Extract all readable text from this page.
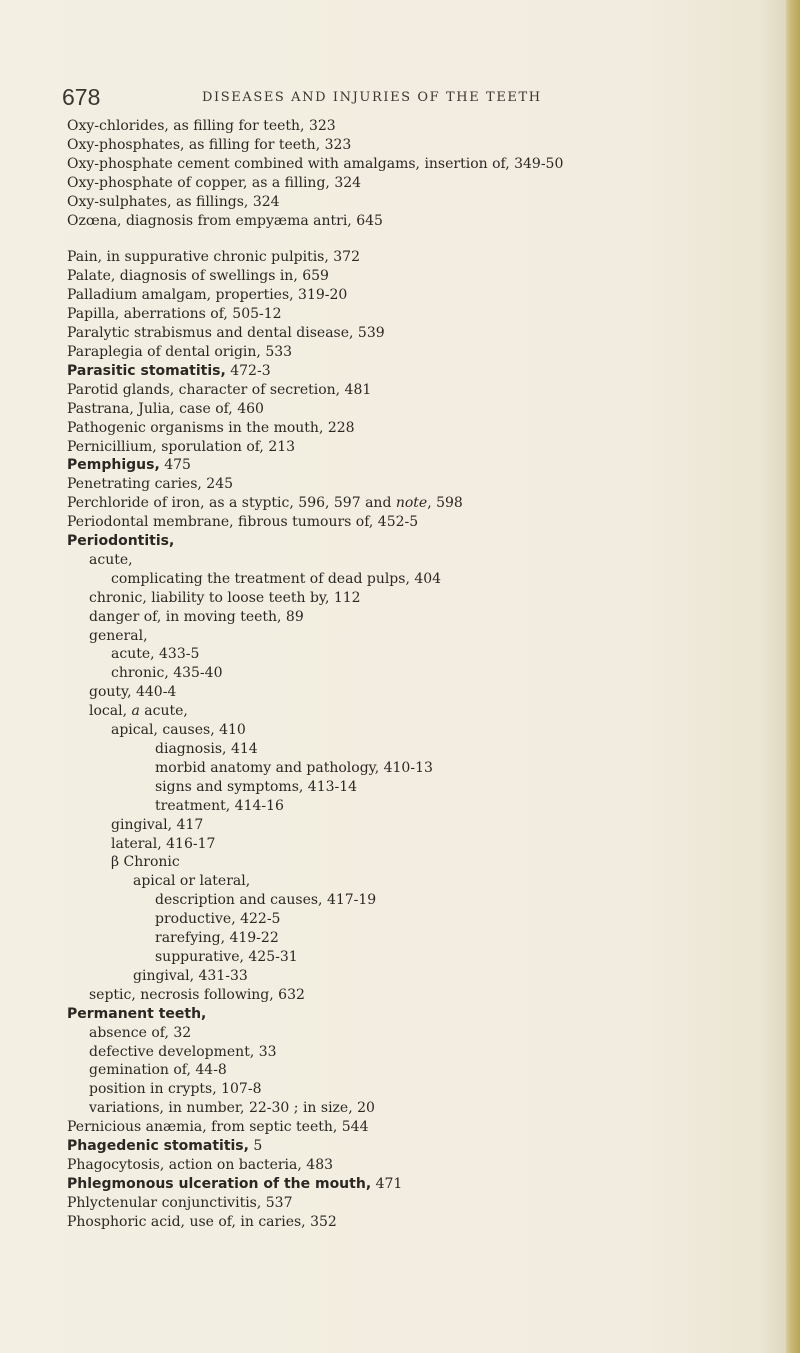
678	DISEASES AND INJURIES OF THE TEETH
Oxy-chlorides, as filling for teeth, 323
Oxy-phosphates, as filling for teeth, 323
Oxy-phosphate cement combined with amalgams, insertion of, 349-50
Oxy-phosphate of copper, as a filling, 324
Oxy-sulphates, as fillings, 324
Ozœna, diagnosis from empyæma antri, 645
Pain, in suppurative chronic pulpitis, 372
Palate, diagnosis of swellings in, 659
Palladium amalgam, properties, 319-20
Papilla, aberrations of, 505-12
Paralytic strabismus and dental disease, 539
Paraplegia of dental origin, 533
Parasitic stomatitis, 472-3
Parotid glands, character of secretion, 481
Pastrana, Julia, case of, 460
Pathogenic organisms in the mouth, 228
Pernicillium, sporulation of, 213
Pemphigus, 475
Penetrating caries, 245
Perchloride of iron, as a styptic, 596, 597 and note, 598
Periodontal membrane, fibrous tumours of, 452-5
Periodontitis,
acute,
complicating the treatment of dead pulps, 404
chronic, liability to loose teeth by, 112
danger of, in moving teeth, 89
general,
acute, 433-5
chronic, 435-40
gouty, 440-4
local, a acute,
apical, causes, 410
diagnosis, 414
morbid anatomy and pathology, 410-13
signs and symptoms, 413-14
treatment, 414-16
gingival, 417
lateral, 416-17
β Chronic
apical or lateral,
description and causes, 417-19
productive, 422-5
rarefying, 419-22
suppurative, 425-31
gingival, 431-33
septic, necrosis following, 632
Permanent teeth,
absence of, 32
defective development, 33
gemination of, 44-8
position in crypts, 107-8
variations, in number, 22-30 ; in size, 20
Pernicious anæmia, from septic teeth, 544
Phagedenic stomatitis, 5
Phagocytosis, action on bacteria, 483
Phlegmonous ulceration of the mouth, 471
Phlyctenular conjunctivitis, 537
Phosphoric acid, use of, in caries, 352
